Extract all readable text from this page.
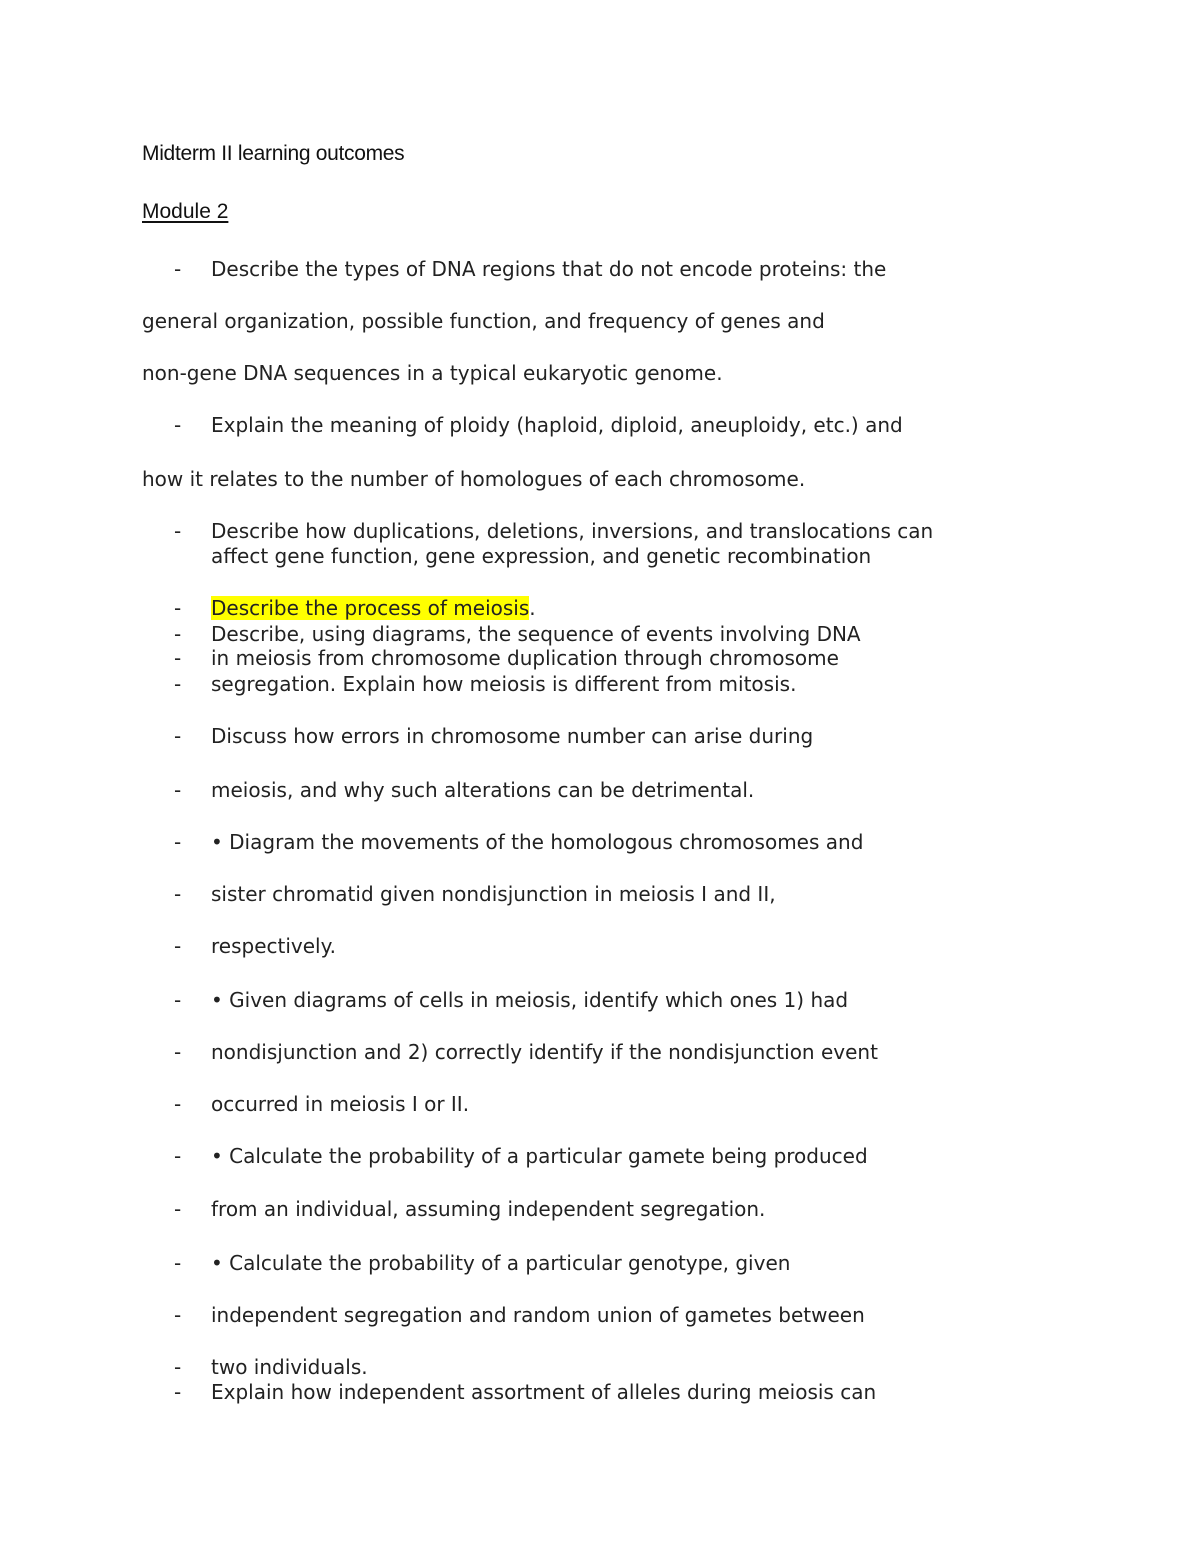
Midterm II learning outcomes
Module 2
- Describe the types of DNA regions that do not encode proteins: the
general organization, possible function, and frequency of genes and
non-gene DNA sequences in a typical eukaryotic genome.
- Explain the meaning of ploidy (haploid, diploid, aneuploidy, etc.) and
how it relates to the number of homologues of each chromosome.
- Describe how duplications, deletions, inversions, and translocations can
affect gene function, gene expression, and genetic recombination
- Describe the process of meiosis.
- Describe, using diagrams, the sequence of events involving DNA
- in meiosis from chromosome duplication through chromosome
- segregation. Explain how meiosis is different from mitosis.
- Discuss how errors in chromosome number can arise during
- meiosis, and why such alterations can be detrimental.
- • Diagram the movements of the homologous chromosomes and
- sister chromatid given nondisjunction in meiosis I and II,
- respectively.
- • Given diagrams of cells in meiosis, identify which ones 1) had
- nondisjunction and 2) correctly identify if the nondisjunction event
- occurred in meiosis I or II.
- • Calculate the probability of a particular gamete being produced
- from an individual, assuming independent segregation.
- • Calculate the probability of a particular genotype, given
- independent segregation and random union of gametes between
- two individuals.
- Explain how independent assortment of alleles during meiosis can
